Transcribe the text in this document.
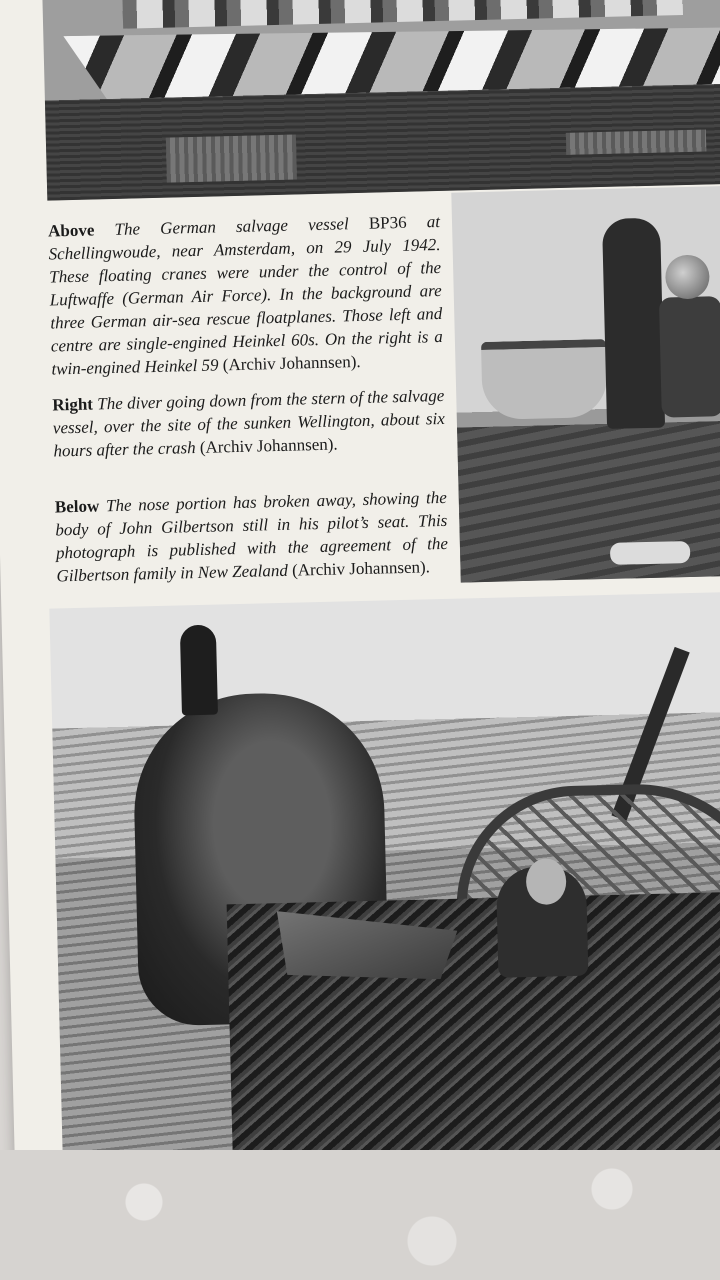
Above The German salvage vessel BP36 at Schellingwoude, near Amsterdam, on 29 July 1942. These floating cranes were under the control of the Luftwaffe (German Air Force). In the background are three German air-sea rescue floatplanes. Those left and centre are single-engined Heinkel 60s. On the right is a twin-engined Heinkel 59 (Archiv Johannsen).

Right The diver going down from the stern of the salvage vessel, over the site of the sunken Wellington, about six hours after the crash (Archiv Johannsen).

Below The nose portion has broken away, showing the body of John Gilbertson still in his pilot’s seat. This photograph is published with the agreement of the Gilbertson family in New Zealand (Archiv Johannsen).
